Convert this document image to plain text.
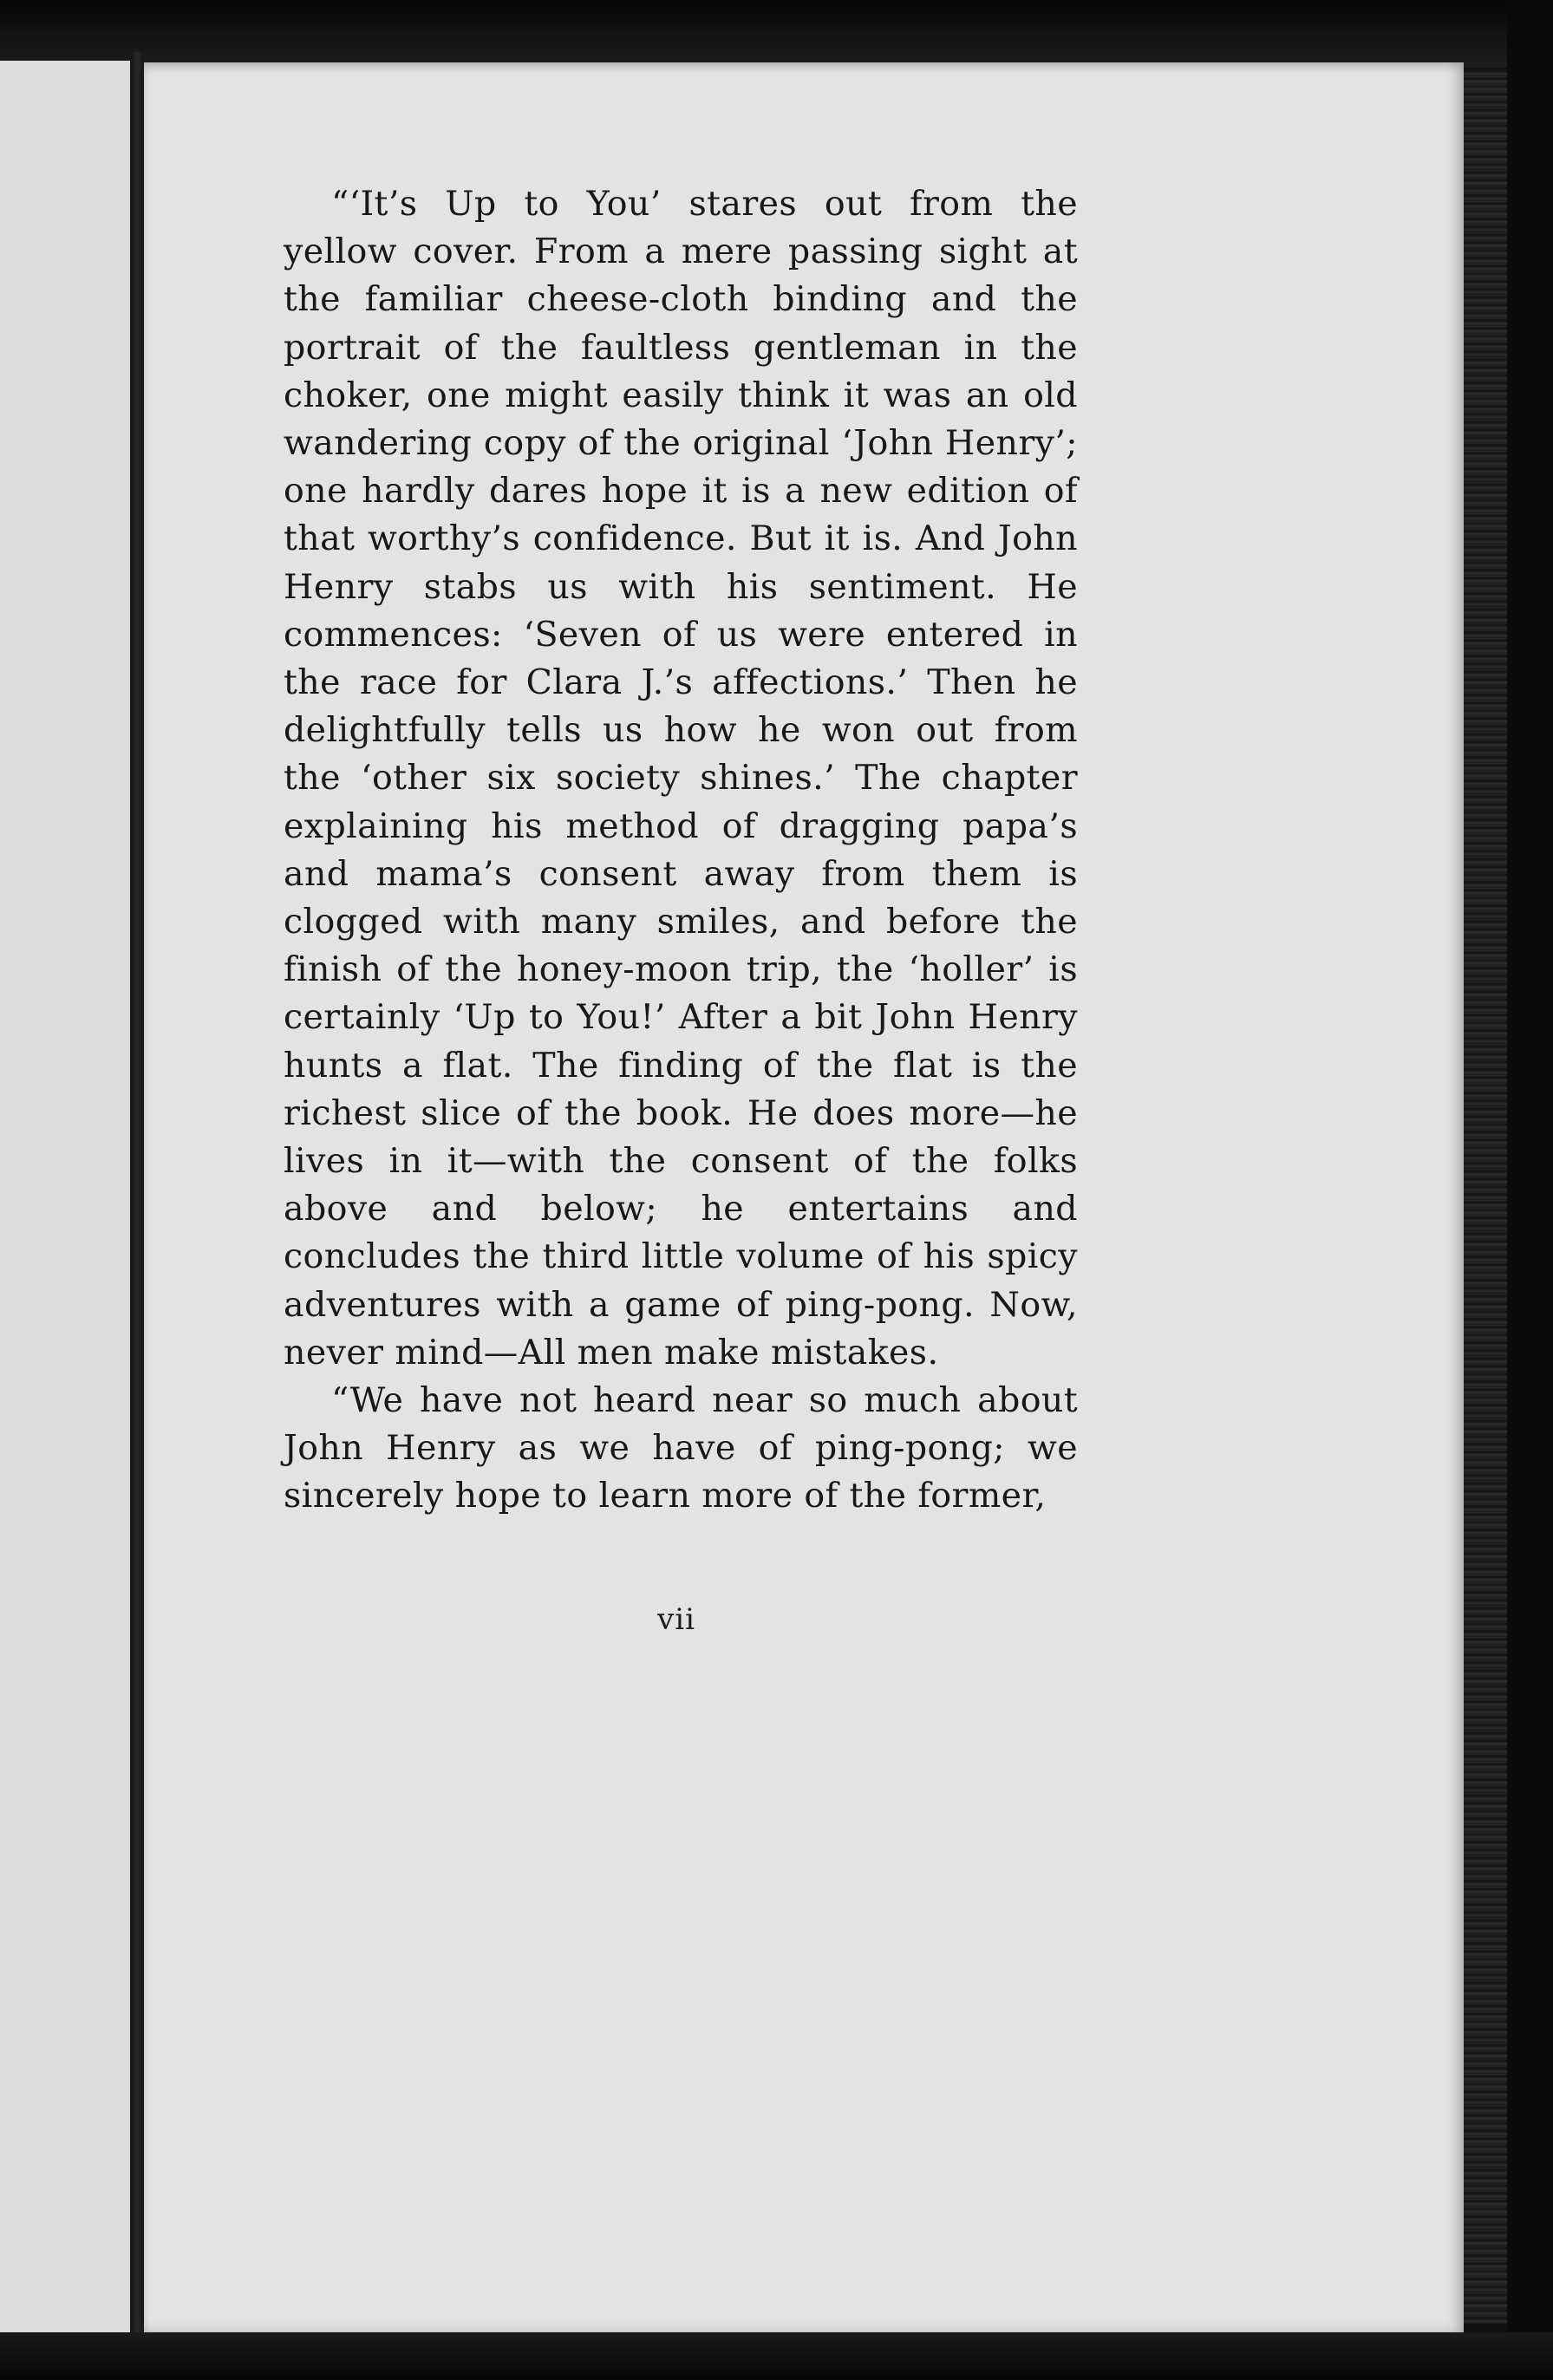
“‘It’s Up to You’ stares out from the yellow cover. From a mere passing sight at the familiar cheese-cloth binding and the portrait of the faultless gentleman in the choker, one might easily think it was an old wandering copy of the original ‘John Henry’; one hardly dares hope it is a new edition of that worthy’s confidence. But it is. And John Henry stabs us with his sentiment. He commences: ‘Seven of us were entered in the race for Clara J.’s affections.’ Then he delightfully tells us how he won out from the ‘other six society shines.’ The chapter explaining his method of dragging papa’s and mama’s consent away from them is clogged with many smiles, and before the finish of the honey-moon trip, the ‘holler’ is certainly ‘Up to You!’ After a bit John Henry hunts a flat. The finding of the flat is the richest slice of the book. He does more—he lives in it—with the consent of the folks above and below; he entertains and concludes the third little volume of his spicy adventures with a game of ping-pong. Now, never mind—All men make mistakes.

“We have not heard near so much about John Henry as we have of ping-pong; we sincerely hope to learn more of the former,

vii
